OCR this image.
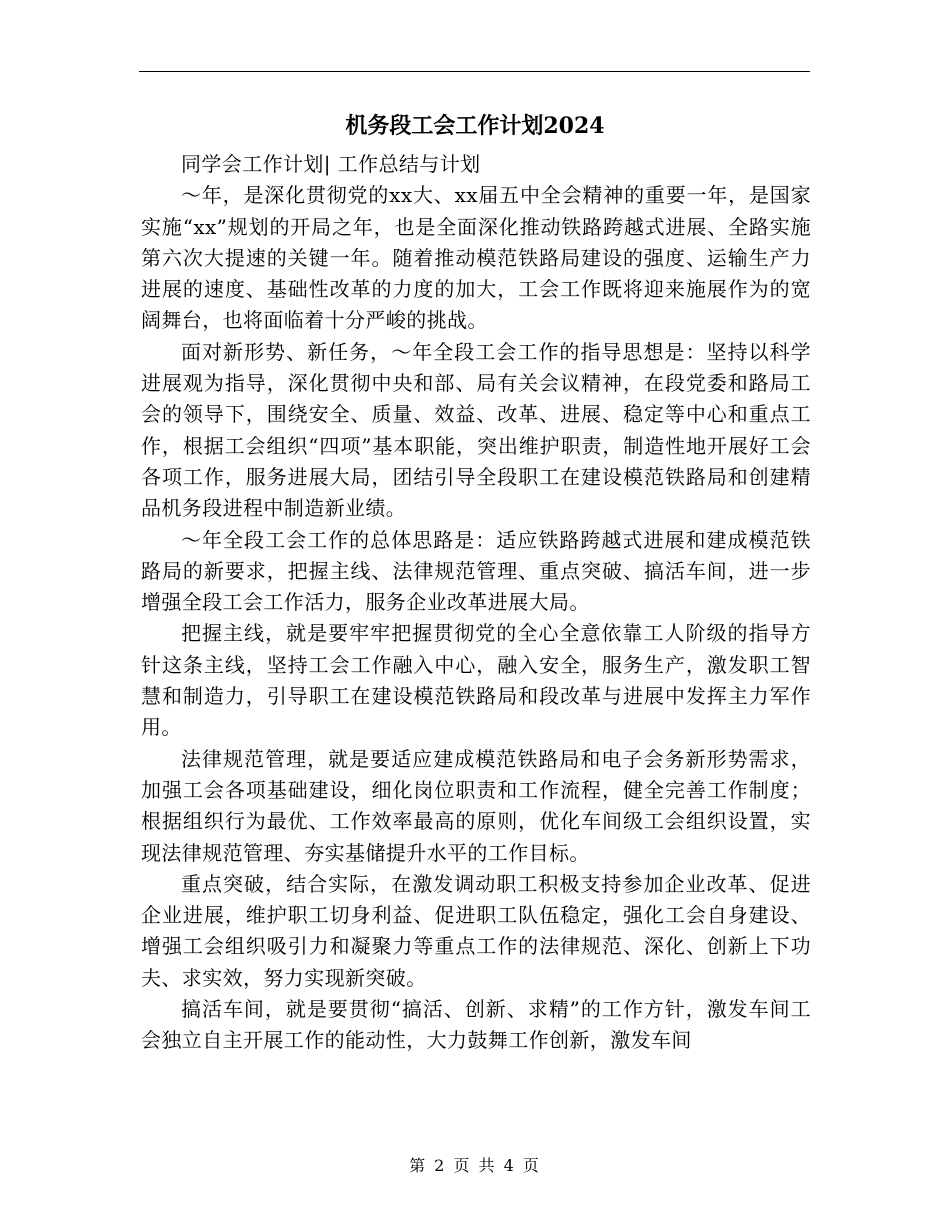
机务段工会工作计划2024

同学会工作计划| 工作总结与计划

～年，是深化贯彻党的xx大、xx届五中全会精神的重要一年，是国家实施“xx”规划的开局之年，也是全面深化推动铁路跨越式进展、全路实施第六次大提速的关键一年。随着推动模范铁路局建设的强度、运输生产力进展的速度、基础性改革的力度的加大，工会工作既将迎来施展作为的宽阔舞台，也将面临着十分严峻的挑战。

面对新形势、新任务，～年全段工会工作的指导思想是：坚持以科学进展观为指导，深化贯彻中央和部、局有关会议精神，在段党委和路局工会的领导下，围绕安全、质量、效益、改革、进展、稳定等中心和重点工作，根据工会组织“四项”基本职能，突出维护职责，制造性地开展好工会各项工作，服务进展大局，团结引导全段职工在建设模范铁路局和创建精品机务段进程中制造新业绩。

～年全段工会工作的总体思路是：适应铁路跨越式进展和建成模范铁路局的新要求，把握主线、法律规范管理、重点突破、搞活车间，进一步增强全段工会工作活力，服务企业改革进展大局。

把握主线，就是要牢牢把握贯彻党的全心全意依靠工人阶级的指导方针这条主线，坚持工会工作融入中心，融入安全，服务生产，激发职工智慧和制造力，引导职工在建设模范铁路局和段改革与进展中发挥主力军作用。

法律规范管理，就是要适应建成模范铁路局和电子会务新形势需求，加强工会各项基础建设，细化岗位职责和工作流程，健全完善工作制度；根据组织行为最优、工作效率最高的原则，优化车间级工会组织设置，实现法律规范管理、夯实基储提升水平的工作目标。

重点突破，结合实际，在激发调动职工积极支持参加企业改革、促进企业进展，维护职工切身利益、促进职工队伍稳定，强化工会自身建设、增强工会组织吸引力和凝聚力等重点工作的法律规范、深化、创新上下功夫、求实效，努力实现新突破。

搞活车间，就是要贯彻“搞活、创新、求精”的工作方针，激发车间工会独立自主开展工作的能动性，大力鼓舞工作创新，激发车间

第 2 页 共 4 页
